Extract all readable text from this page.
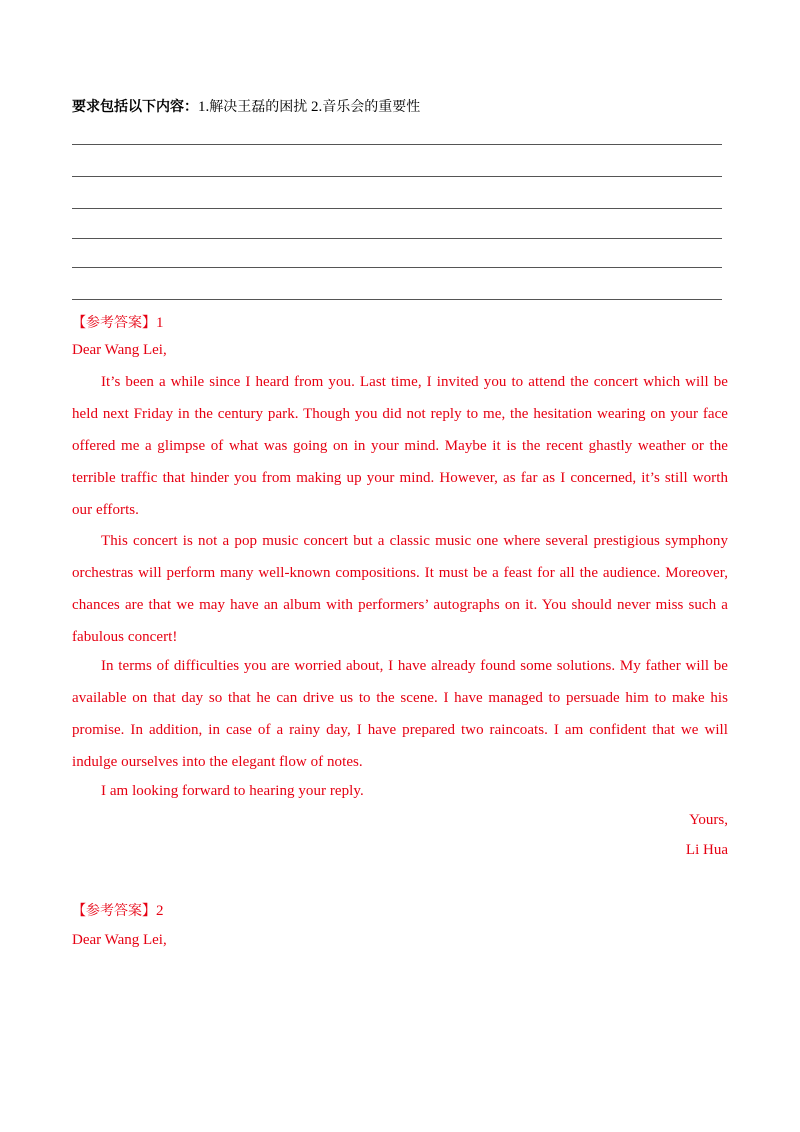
要求包括以下内容：1.解决王磊的困扰 2.音乐会的重要性
【参考答案】1
Dear Wang Lei,
It’s been a while since I heard from you. Last time, I invited you to attend the concert which will be held next Friday in the century park. Though you did not reply to me, the hesitation wearing on your face offered me a glimpse of what was going on in your mind. Maybe it is the recent ghastly weather or the terrible traffic that hinder you from making up your mind. However, as far as I concerned, it’s still worth our efforts.
This concert is not a pop music concert but a classic music one where several prestigious symphony orchestras will perform many well-known compositions. It must be a feast for all the audience. Moreover, chances are that we may have an album with performers’ autographs on it. You should never miss such a fabulous concert!
In terms of difficulties you are worried about, I have already found some solutions. My father will be available on that day so that he can drive us to the scene. I have managed to persuade him to make his promise. In addition, in case of a rainy day, I have prepared two raincoats. I am confident that we will indulge ourselves into the elegant flow of notes.
I am looking forward to hearing your reply.
Yours,
Li Hua
【参考答案】2
Dear Wang Lei,
